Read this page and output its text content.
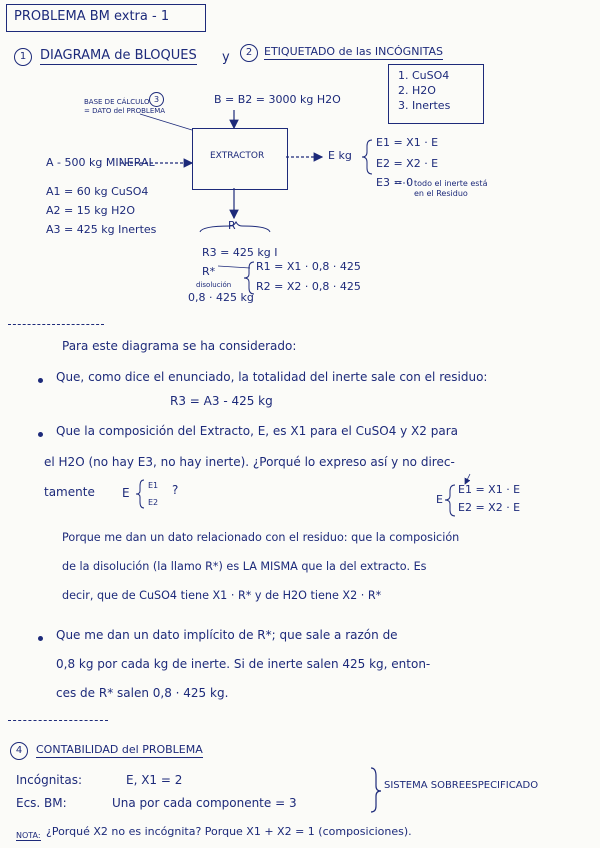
PROBLEMA BM extra - 1
1	DIAGRAMA de BLOQUES y	2	ETIQUETADO de las INCÓGNITAS
1. CuSO4
2. H2O
3. Inertes
BASE DE CÁLCULO 3
= DATO del PROBLEMA
B = B2 = 3000 kg H2O
EXTRACTOR
A - 500 kg MINERAL
A1 = 60 kg CuSO4
A2 = 15 kg H2O
A3 = 425 kg Inertes
E kg
E1 = X1 · E
E2 = X2 · E
E3 = 0 todo el inerte está
en el Residuo
R
R3 = 425 kg I
R*
disolución
0,8 · 425 kg
R1 = X1 · 0,8 · 425
R2 = X2 · 0,8 · 425
Para este diagrama se ha considerado:
Que, como dice el enunciado, la totalidad del inerte sale con el residuo:
R3 = A3 - 425 kg
Que la composición del Extracto, E, es X1 para el CuSO4 y X2 para
el H2O (no hay E3, no hay inerte). ¿Porqué lo expreso así y no direc-
tamente E
E1
E2
?
E
E1 = X1 · E
E2 = X2 · E
Porque me dan un dato relacionado con el residuo: que la composición
de la disolución (la llamo R*) es LA MISMA que la del extracto. Es
decir, que de CuSO4 tiene X1 · R* y de H2O tiene X2 · R*
Que me dan un dato implícito de R*; que sale a razón de
0,8 kg por cada kg de inerte. Si de inerte salen 425 kg, enton-
ces de R* salen 0,8 · 425 kg.
4	CONTABILIDAD del PROBLEMA
Incógnitas:	E, X1 = 2
Ecs. BM:	Una por cada componente = 3
SISTEMA SOBREESPECIFICADO
NOTA: ¿Porqué X2 no es incógnita? Porque X1 + X2 = 1 (composiciones).
